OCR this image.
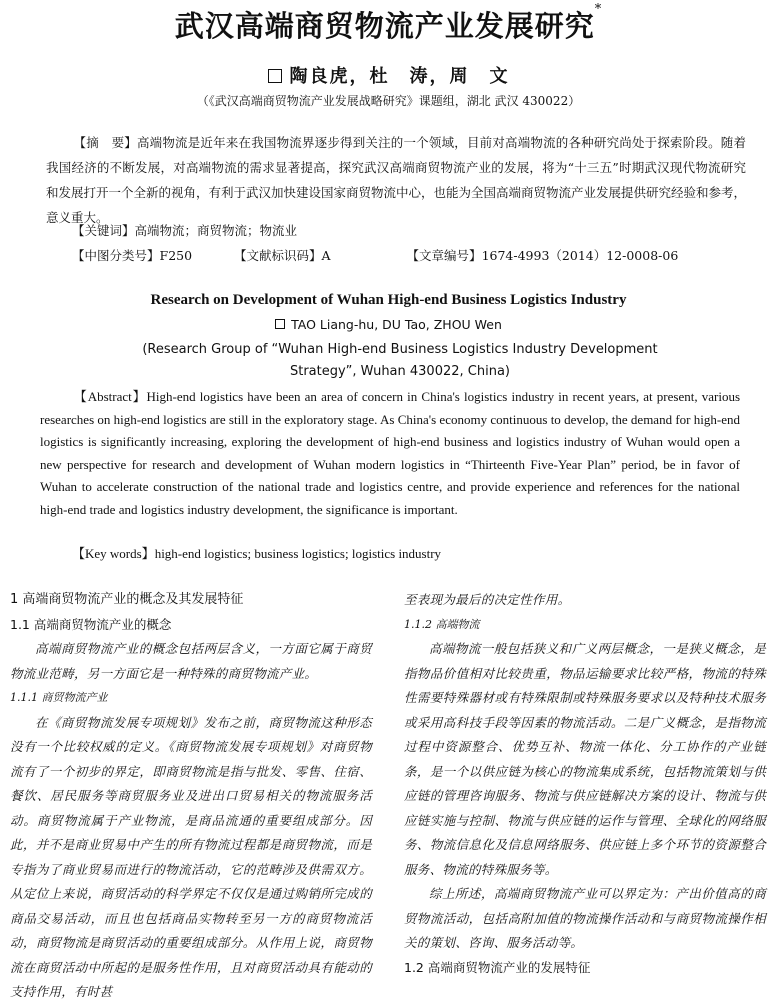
武汉高端商贸物流产业发展研究*
陶良虎，杜　涛，周　文
（《武汉高端商贸物流产业发展战略研究》课题组，湖北 武汉 430022）

【摘　要】高端物流是近年来在我国物流界逐步得到关注的一个领域，目前对高端物流的各种研究尚处于探索阶段。随着我国经济的不断发展，对高端物流的需求显著提高，探究武汉高端商贸物流产业的发展，将为“十三五”时期武汉现代物流研究和发展打开一个全新的视角，有利于武汉加快建设国家商贸物流中心，也能为全国高端商贸物流产业发展提供研究经验和参考，意义重大。

【关键词】高端物流；商贸物流；物流业
【中图分类号】F250	【文献标识码】A	【文章编号】1674-4993（2014）12-0008-06
Research on Development of Wuhan High-end Business Logistics Industry
TAO Liang-hu, DU Tao, ZHOU Wen
(Research Group of “Wuhan High-end Business Logistics Industry Development Strategy”, Wuhan 430022, China)

【Abstract】High-end logistics have been an area of concern in China's logistics industry in recent years, at present, various researches on high-end logistics are still in the exploratory stage. As China's economy continuous to develop, the demand for high-end logistics is significantly increasing, exploring the development of high-end business and logistics industry of Wuhan would open a new perspective for research and development of Wuhan modern logistics in “Thirteenth Five-Year Plan” period, be in favor of Wuhan to accelerate construction of the national trade and logistics centre, and provide experience and references for the national high-end trade and logistics industry development, the significance is important.

【Key words】high-end logistics; business logistics; logistics industry
1 高端商贸物流产业的概念及其发展特征
1.1 高端商贸物流产业的概念

高端商贸物流产业的概念包括两层含义，一方面它属于商贸物流业范畴，另一方面它是一种特殊的商贸物流产业。

1.1.1 商贸物流产业

在《商贸物流发展专项规划》发布之前，商贸物流这种形态没有一个比较权威的定义。《商贸物流发展专项规划》对商贸物流有了一个初步的界定，即商贸物流是指与批发、零售、住宿、餐饮、居民服务等商贸服务业及进出口贸易相关的物流服务活动。商贸物流属于产业物流，是商品流通的重要组成部分。因此，并不是商业贸易中产生的所有物流过程都是商贸物流，而是专指为了商业贸易而进行的物流活动，它的范畴涉及供需双方。从定位上来说，商贸活动的科学界定不仅仅是通过购销所完成的商品交易活动，而且也包括商品实物转至另一方的商贸物流活动，商贸物流是商贸活动的重要组成部分。从作用上说，商贸物流在商贸活动中所起的是服务性作用，且对商贸活动具有能动的支持作用，有时甚

至表现为最后的决定性作用。

1.1.2 高端物流

高端物流一般包括狭义和广义两层概念，一是狭义概念，是指物品价值相对比较贵重，物品运输要求比较严格，物流的特殊性需要特殊器材或有特殊限制或特殊服务要求以及特种技术服务或采用高科技手段等因素的物流活动。二是广义概念，是指物流过程中资源整合、优势互补、物流一体化、分工协作的产业链条，是一个以供应链为核心的物流集成系统，包括物流策划与供应链的管理咨询服务、物流与供应链解决方案的设计、物流与供应链实施与控制、物流与供应链的运作与管理、全球化的网络服务、物流信息化及信息网络服务、供应链上多个环节的资源整合服务、物流的特殊服务等。

综上所述，高端商贸物流产业可以界定为：产出价值高的商贸物流活动，包括高附加值的物流操作活动和与商贸物流操作相关的策划、咨询、服务活动等。

1.2 高端商贸物流产业的发展特征
